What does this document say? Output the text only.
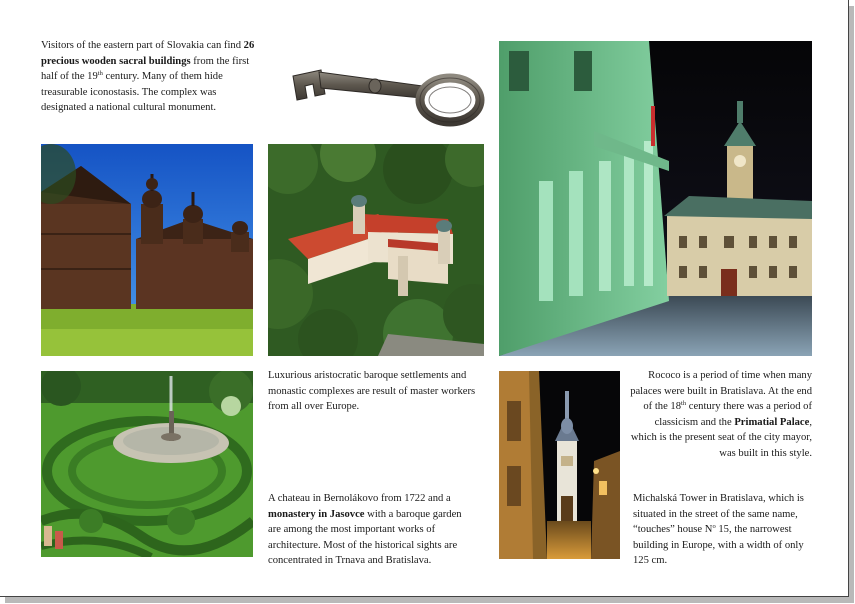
Visitors of the eastern part of Slovakia can find 26 precious wooden sacral buildings from the first half of the 19th century. Many of them hide treasurable iconostasis. The complex was designated a national cultural monument.

Luxurious aristocratic baroque settlements and monastic complexes are result of master workers from all over Europe.

A chateau in Bernolákovo from 1722 and a monastery in Jasovce with a baroque garden are among the most important works of architecture. Most of the historical sights are concentrated in Trnava and Bratislava.

Rococo is a period of time when many palaces were built in Bratislava. At the end of the 18th century there was a period of classicism and the Primatial Palace, which is the present seat of the city mayor, was built in this style.

Michalská Tower in Bratislava, which is situated in the street of the same name, “touches” house $N^o$ 15, the narrowest building in Europe, with a width of only 125 cm.
